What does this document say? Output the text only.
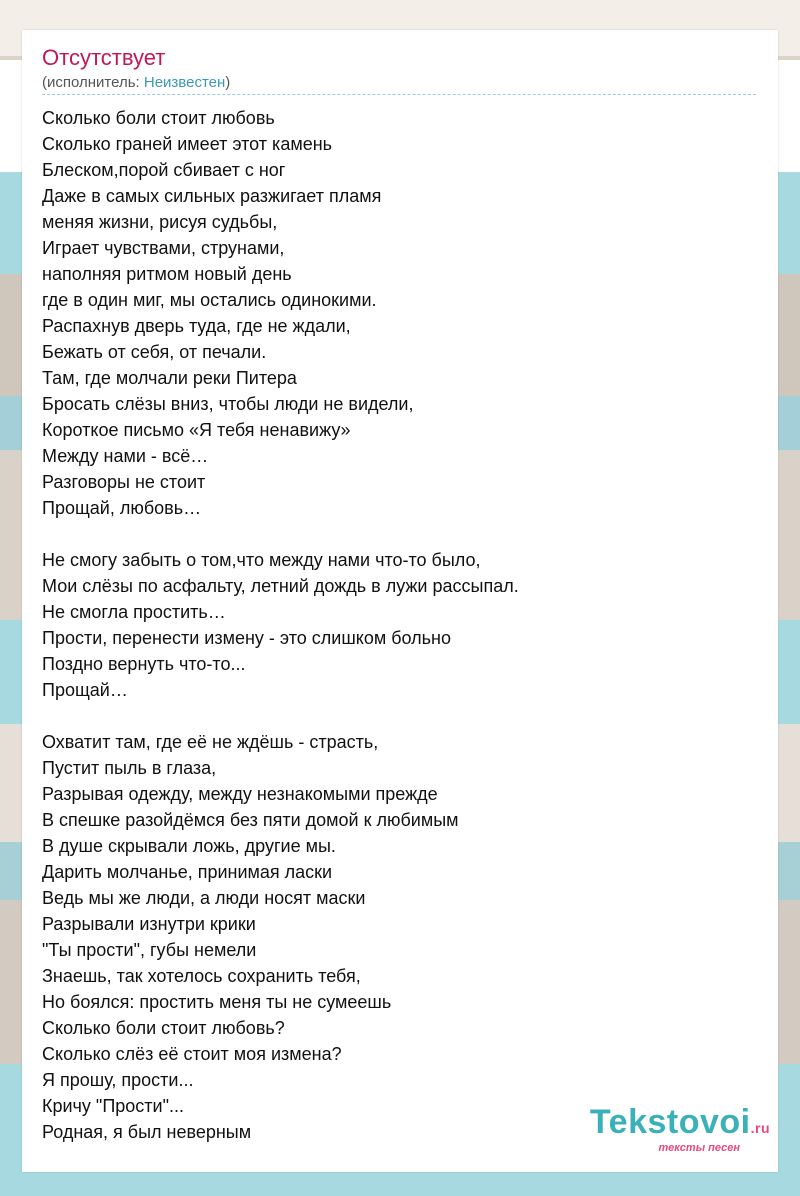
Отсутствует
(исполнитель: Неизвестен)
Сколько боли стоит любовь
Сколько граней имеет этот камень
Блеском,порой сбивает с ног
Даже в самых сильных разжигает пламя
меняя жизни, рисуя судьбы,
Играет чувствами, струнами,
наполняя ритмом новый день
где в один миг, мы остались одинокими.
Распахнув дверь туда, где не ждали,
Бежать от себя, от печали.
Там, где молчали реки Питера
Бросать слёзы вниз, чтобы люди не видели,
Короткое письмо «Я тебя ненавижу»
Между нами - всё…
Разговоры не стоит
Прощай, любовь…
Не смогу забыть о том,что между нами что-то было,
Мои слёзы по асфальту, летний дождь в лужи рассыпал.
Не смогла простить…
Прости, перенести измену - это слишком больно
Поздно вернуть что-то...
Прощай…
Охватит там, где её не ждёшь - страсть,
Пустит пыль в глаза,
Разрывая одежду, между незнакомыми прежде
В спешке разойдёмся без пяти домой к любимым
В душе скрывали ложь, другие мы.
Дарить молчанье, принимая ласки
Ведь мы же люди, а люди носят маски
Разрывали изнутри крики
"Ты прости", губы немели
Знаешь, так хотелось сохранить тебя,
Но боялся: простить меня ты не сумеешь
Сколько боли стоит любовь?
Сколько слёз её стоит моя измена?
Я прошу, прости...
Кричу "Прости"...
Родная, я был неверным	Tekstovoi.ru
тексты песен
